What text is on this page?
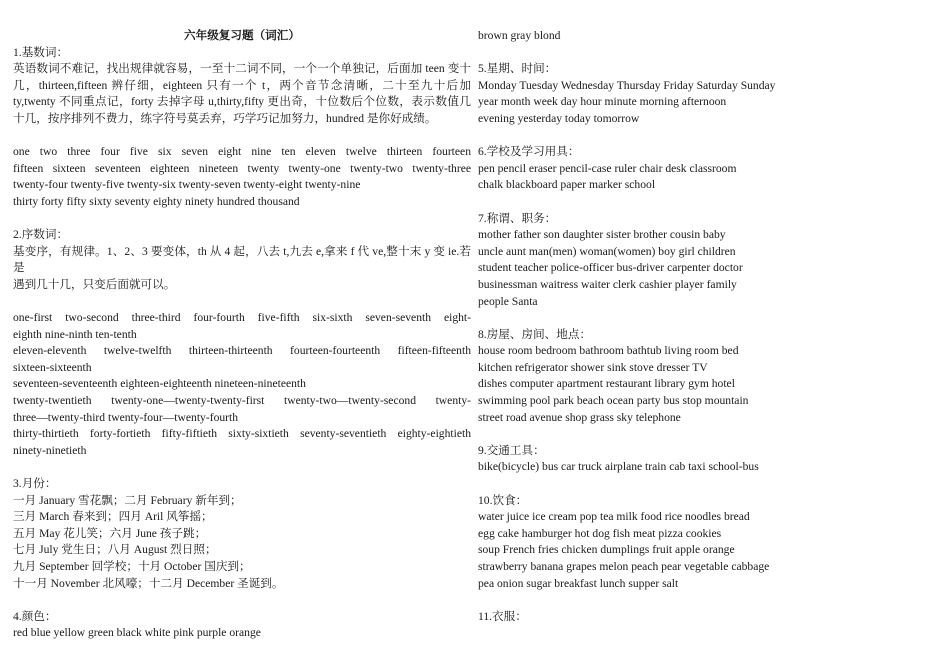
六年级复习题（词汇）

1.基数词：
英语数词不难记，找出规律就容易，一至十二词不同，一个一个单独记，后面加 teen 变十
几，thirteen,fifteen 辨仔细，eighteen 只有一个 t，两个音节念清晰，二十至九十后加
ty,twenty 不同重点记，forty 去掉字母 u,thirty,fifty 更出奇，十位数后个位数，表示数值几
十几，按序排列不费力，练字符号莫丢弃，巧学巧记加努力，hundred 是你好成绩。
one two three four five six seven eight nine ten eleven twelve thirteen fourteen
fifteen sixteen seventeen eighteen nineteen twenty twenty-one twenty-two twenty-three
twenty-four twenty-five twenty-six twenty-seven twenty-eight twenty-nine
thirty forty fifty sixty seventy eighty ninety hundred thousand
2.序数词：
基变序，有规律。1、2、3 要变体，th 从 4 起，八去 t,九去 e,拿来 f 代 ve,整十末 y 变 ie.若是
遇到几十几，只变后面就可以。
one-first two-second three-third four-fourth five-fifth six-sixth seven-seventh eight-
eighth nine-ninth ten-tenth
eleven-eleventh twelve-twelfth thirteen-thirteenth fourteen-fourteenth fifteen-fifteenth
sixteen-sixteenth
seventeen-seventeenth eighteen-eighteenth nineteen-nineteenth
twenty-twentieth twenty-one—twenty-twenty-first twenty-two—twenty-second twenty-
three—twenty-third twenty-four—twenty-fourth
thirty-thirtieth forty-fortieth fifty-fiftieth sixty-sixtieth seventy-seventieth eighty-eightieth
ninety-ninetieth
3.月份：
一月 January 雪花飘；二月 February 新年到；
三月 March 春来到；四月 Aril 风筝摇；
五月 May 花儿笑；六月 June 孩子跳；
七月 July 党生日；八月 August 烈日照；
九月 September 回学校；十月 October 国庆到；
十一月 November 北风嚎；十二月 December 圣诞到。
4.颜色：
red blue yellow green black white pink purple orange
brown gray blond
5.星期、时间：
Monday Tuesday Wednesday Thursday Friday Saturday Sunday
year month week day hour minute morning afternoon
evening yesterday today tomorrow
6.学校及学习用具：
pen pencil eraser pencil-case ruler chair desk classroom
chalk blackboard paper marker school
7.称谓、职务：
mother father son daughter sister brother cousin baby
uncle aunt man(men) woman(women) boy girl children
student teacher police-officer bus-driver carpenter doctor
businessman waitress waiter clerk cashier player family
people Santa
8.房屋、房间、地点：
house room bedroom bathroom bathtub living room bed
kitchen refrigerator shower sink stove dresser TV
dishes computer apartment restaurant library gym hotel
swimming pool park beach ocean party bus stop mountain
street road avenue shop grass sky telephone
9.交通工具：
bike(bicycle) bus car truck airplane train cab taxi school-bus
10.饮食：
water juice ice cream pop tea milk food rice noodles bread
egg cake hamburger hot dog fish meat pizza cookies
soup French fries chicken dumplings fruit apple orange
strawberry banana grapes melon peach pear vegetable cabbage
pea onion sugar breakfast lunch supper salt
11.衣服：
